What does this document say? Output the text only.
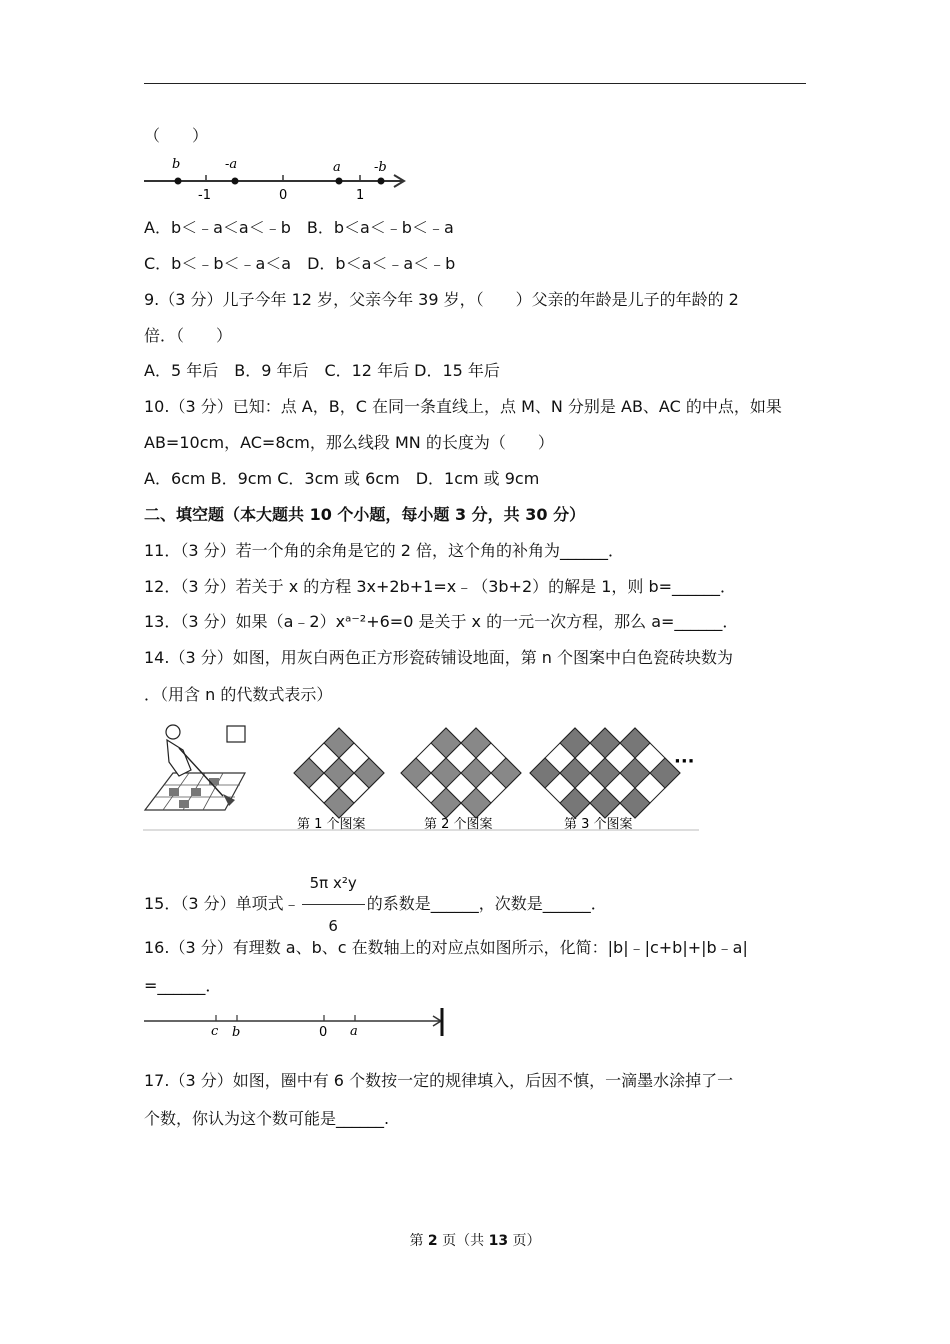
（　　）
b	-a	a	-b
-1	0	1
A．b＜﹣a＜a＜﹣b　B．b＜a＜﹣b＜﹣a
C．b＜﹣b＜﹣a＜a　D．b＜a＜﹣a＜﹣b
9.（3 分）儿子今年 12 岁，父亲今年 39 岁，（　　）父亲的年龄是儿子的年龄的 2
倍．（　　）
A．5 年后　B．9 年后　C．12 年后 D．15 年后
10.（3 分）已知：点 A，B，C 在同一条直线上，点 M、N 分别是 AB、AC 的中点，如果
AB=10cm，AC=8cm，那么线段 MN 的长度为（　　）
A．6cm B．9cm C．3cm 或 6cm　D．1cm 或 9cm
二、填空题（本大题共 10 个小题，每小题 3 分，共 30 分）
11．（3 分）若一个角的余角是它的 2 倍，这个角的补角为______．
12．（3 分）若关于 x 的方程 3x+2b+1=x﹣（3b+2）的解是 1，则 b=______．
13．（3 分）如果（a﹣2）xᵃ⁻²+6=0 是关于 x 的一元一次方程，那么 a=______．
14.（3 分）如图，用灰白两色正方形瓷砖铺设地面，第 n 个图案中白色瓷砖块数为
．（用含 n 的代数式表示）
···
第 1 个图案	第 2 个图案	第 3 个图案
15．（3 分）单项式﹣ $\frac{\text{5π x²y}}{6}$ 的系数是______，次数是______．
16.（3 分）有理数 a、b、c 在数轴上的对应点如图所示，化简：|b|﹣|c+b|+|b﹣a|
=______．
c b	0 a
17.（3 分）如图，圈中有 6 个数按一定的规律填入，后因不慎，一滴墨水涂掉了一
个数，你认为这个数可能是______.
第 2 页（共 13 页）
